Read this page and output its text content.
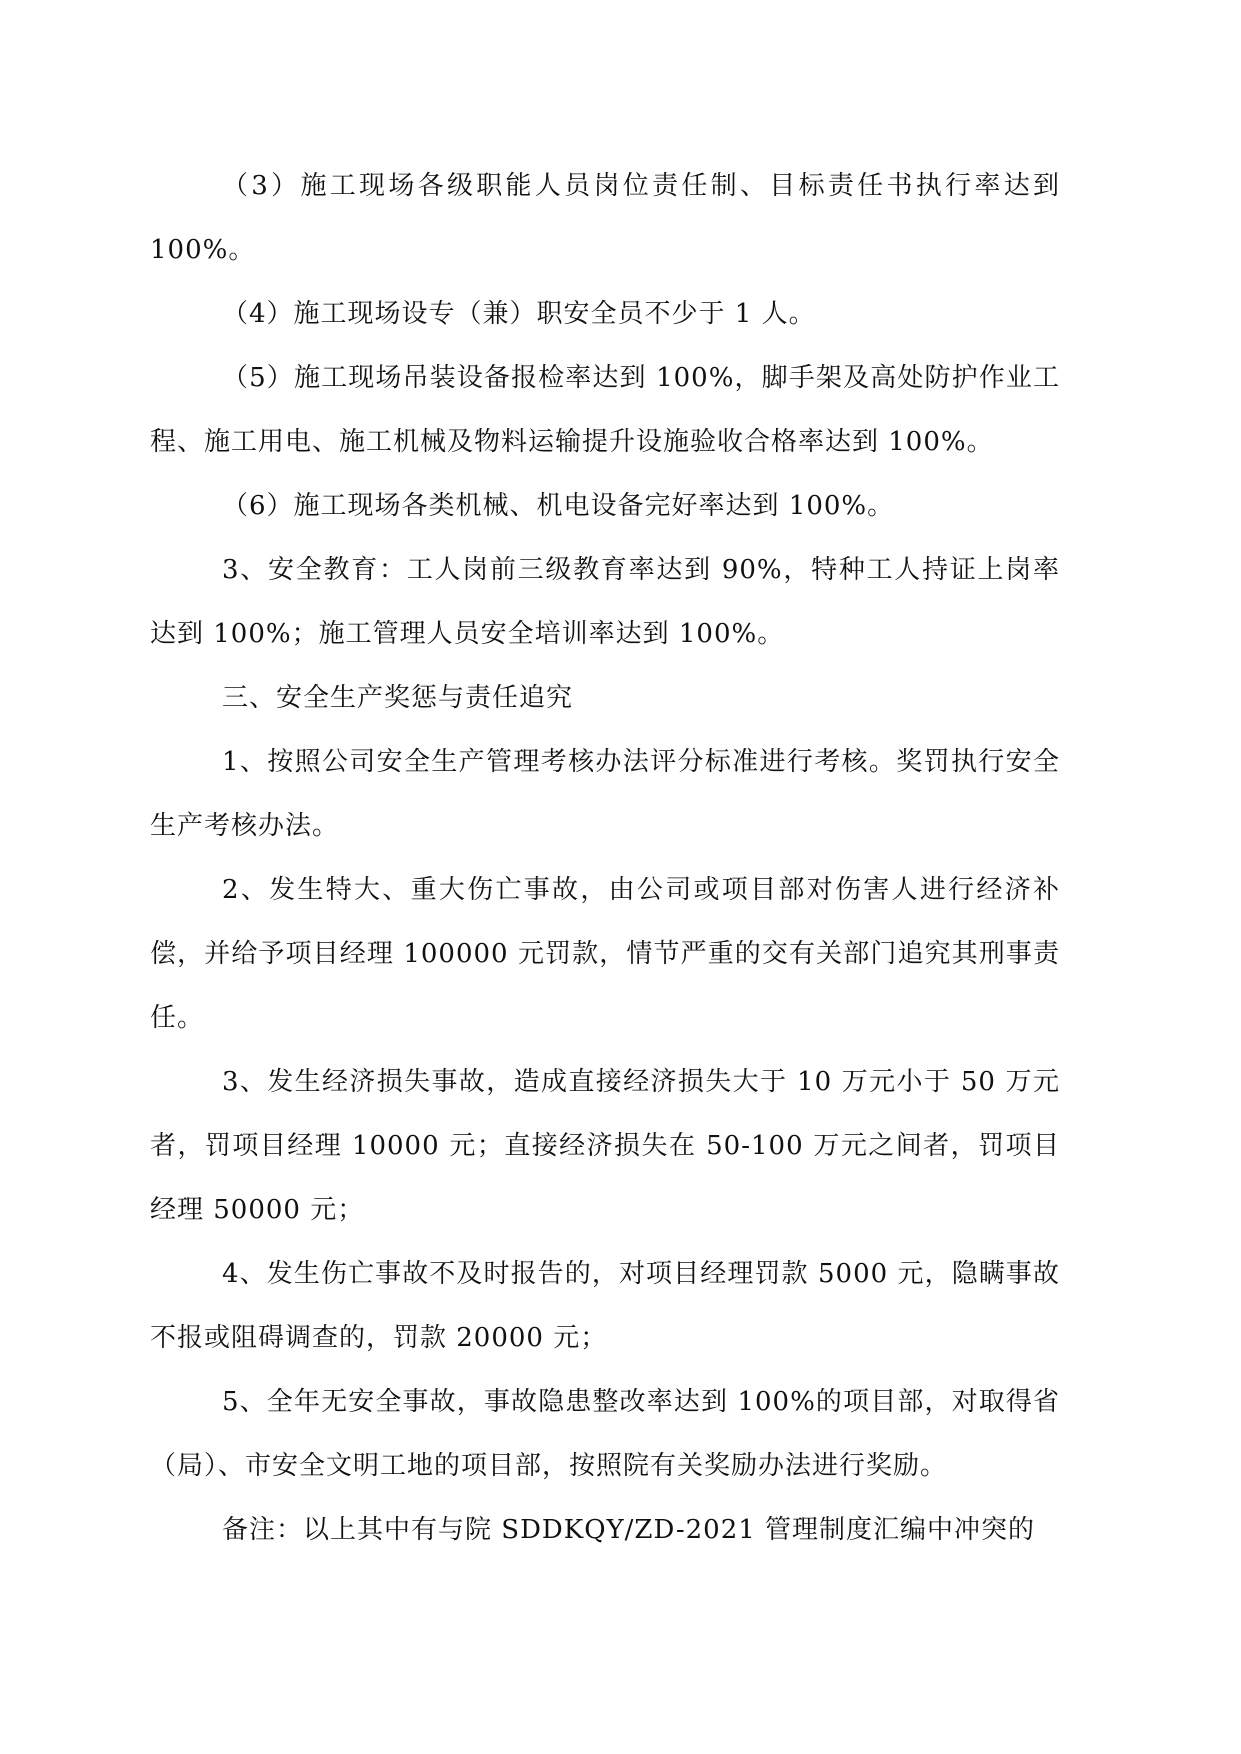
（3）施工现场各级职能人员岗位责任制、目标责任书执行率达到100%。

（4）施工现场设专（兼）职安全员不少于 1 人。

（5）施工现场吊装设备报检率达到 100%，脚手架及高处防护作业工程、施工用电、施工机械及物料运输提升设施验收合格率达到 100%。

（6）施工现场各类机械、机电设备完好率达到 100%。

3、安全教育：工人岗前三级教育率达到 90%，特种工人持证上岗率达到 100%；施工管理人员安全培训率达到 100%。

三、安全生产奖惩与责任追究

1、按照公司安全生产管理考核办法评分标准进行考核。奖罚执行安全生产考核办法。

2、发生特大、重大伤亡事故，由公司或项目部对伤害人进行经济补偿，并给予项目经理 100000 元罚款，情节严重的交有关部门追究其刑事责任。

3、发生经济损失事故，造成直接经济损失大于 10 万元小于 50 万元者，罚项目经理 10000 元；直接经济损失在 50-100 万元之间者，罚项目经理 50000 元；

4、发生伤亡事故不及时报告的，对项目经理罚款 5000 元，隐瞒事故不报或阻碍调查的，罚款 20000 元；

5、全年无安全事故，事故隐患整改率达到 100%的项目部，对取得省（局）、市安全文明工地的项目部，按照院有关奖励办法进行奖励。

备注：以上其中有与院 SDDKQY/ZD-2021 管理制度汇编中冲突的
